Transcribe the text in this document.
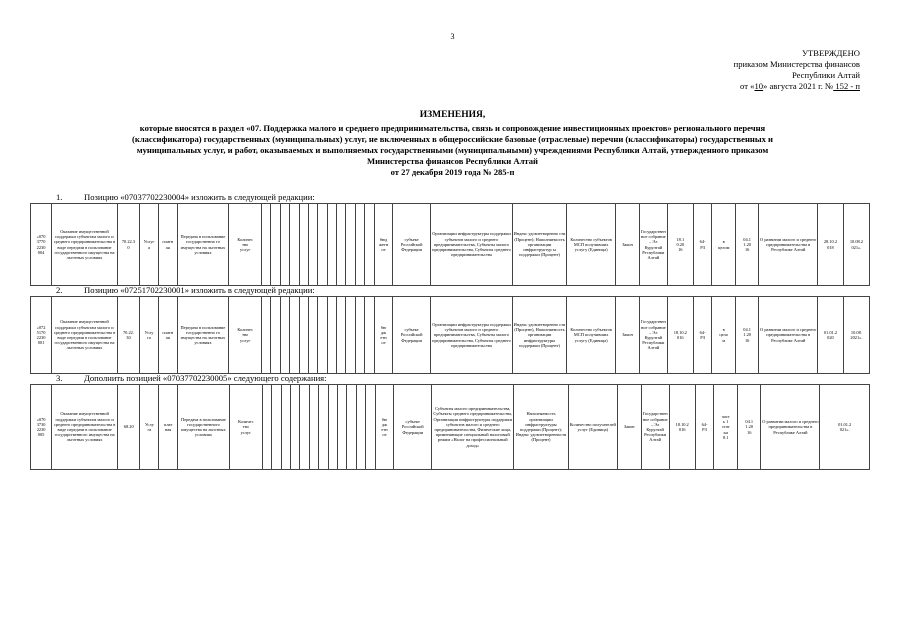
3
УТВЕРЖДЕНО
приказом Министерства финансов
Республики Алтай
от «10» августа 2021 г. № 152 - п
ИЗМЕНЕНИЯ,
которые вносятся в раздел «07. Поддержка малого и среднего предпринимательства, связь и сопровождение инвестиционных проектов» регионального перечня
(классификатора) государственных (муниципальных) услуг, не включенных в общероссийские базовые (отраслевые) перечни (классификаторы) государственных и
муниципальных услуг, и работ, оказываемых и выполняемых государственными (муниципальными) учреждениями Республики Алтай, утвержденного приказом
Министерства финансов Республики Алтай
от 27 декабря 2019 года № 285-п
1.	Позицию «07037702230004» изложить в следующей редакции:
«070
3770
2230
004	Оказание имущественной поддержки субъектам малого и среднего предпринимательства в виде передачи в пользование государственного имущества на льготных условиях	70.22.3
0	Услуг
а	платн
ая	Передача в пользование государственно го имущества на льготных условиях	Количес
тво
услуг													бюд
жетн
ое	субъект Российской Федерации	Организации инфраструктуры поддержки субъектов малого и среднего предпринимательства, Субъекты малого предпринимательства, Субъекты среднего предпринимательства	Индекс удовлетворенно сти (Процент); Наполняемость организации инфраструктур ы поддержки (Процент)	Количество субъектов МСП получивших услугу (Единица)	Закон	Государственное собрание – Эл Курултай Республики Алтай	18.1
0.20
16	64-
РЗ	в
целом	04.1
1.20
16	О развитии малого и среднего предпринимательства в Республике Алтай	28.10.2
018	10.08.2
021».
2.	Позицию «07251702230001» изложить в следующей редакции:
«072
5170
2230
001	Оказание имущественной поддержки субъектам малого и среднего предпринимательства в виде передачи в пользование государственного имущества на льготных условиях	70.22.
30	Услу
га	платн
ая	Передача в пользование государственно го имущества на льготных условиях	Количес
тво
услуг													бю
дж
етн
ое	субъект Российской Федерации	Организации инфраструктуры поддержки субъектов малого и среднего предпринимательства, Субъекты малого предпринимательства, Субъекты среднего предпринимательства	Индекс удовлетворенно сти (Процент), Наполняемость организации инфраструктуры поддержки (Процент)	Количество субъектов МСП получивших услугу (Единица)	Закон	Государственное собрание – Эл Курултай Республики Алтай	18.10.2
016	64-
РЗ	в
цело
м	04.1
1.20
16	О развитии малого и среднего предпринимательства в Республике Алтай	01.01.2
020	10.08.
2021».
3.	Дополнить позицией «07037702230005» следующего содержания:
«070
3730
2230
005	Оказание имущественной поддержки субъектам малого и среднего предпринимательства в виде передачи в пользование государственного имущества на льготных условиях	68.20	Услу
га	плат
ная	Передача в пользование государственного имущества на льготных условиях	Количес
тво
услуг													бю
дж
етн
ое	субъект Российской Федерации	Субъекты малого предпринимательства, Субъекты среднего предпринимательства, Организации инфраструктуры поддержки субъектов малого и среднего предпринимательства, Физические лица, применяющие специальный налоговый режим «Налог на профессиональный доход»	Наполняемость организации инфраструктуры поддержки (Процент); Индекс удовлетворенности (Процент)	Количество получателей услуг (Единица)	Закон	Государственное собрание – Эл Курултай Республики Алтай	18.10.2
016	64-
РЗ	част
ь 1
стат
ьи
8.1	04.1
1.20
16	О развитии малого и среднего предпринимательства в Республике Алтай	01.01.2
021».
